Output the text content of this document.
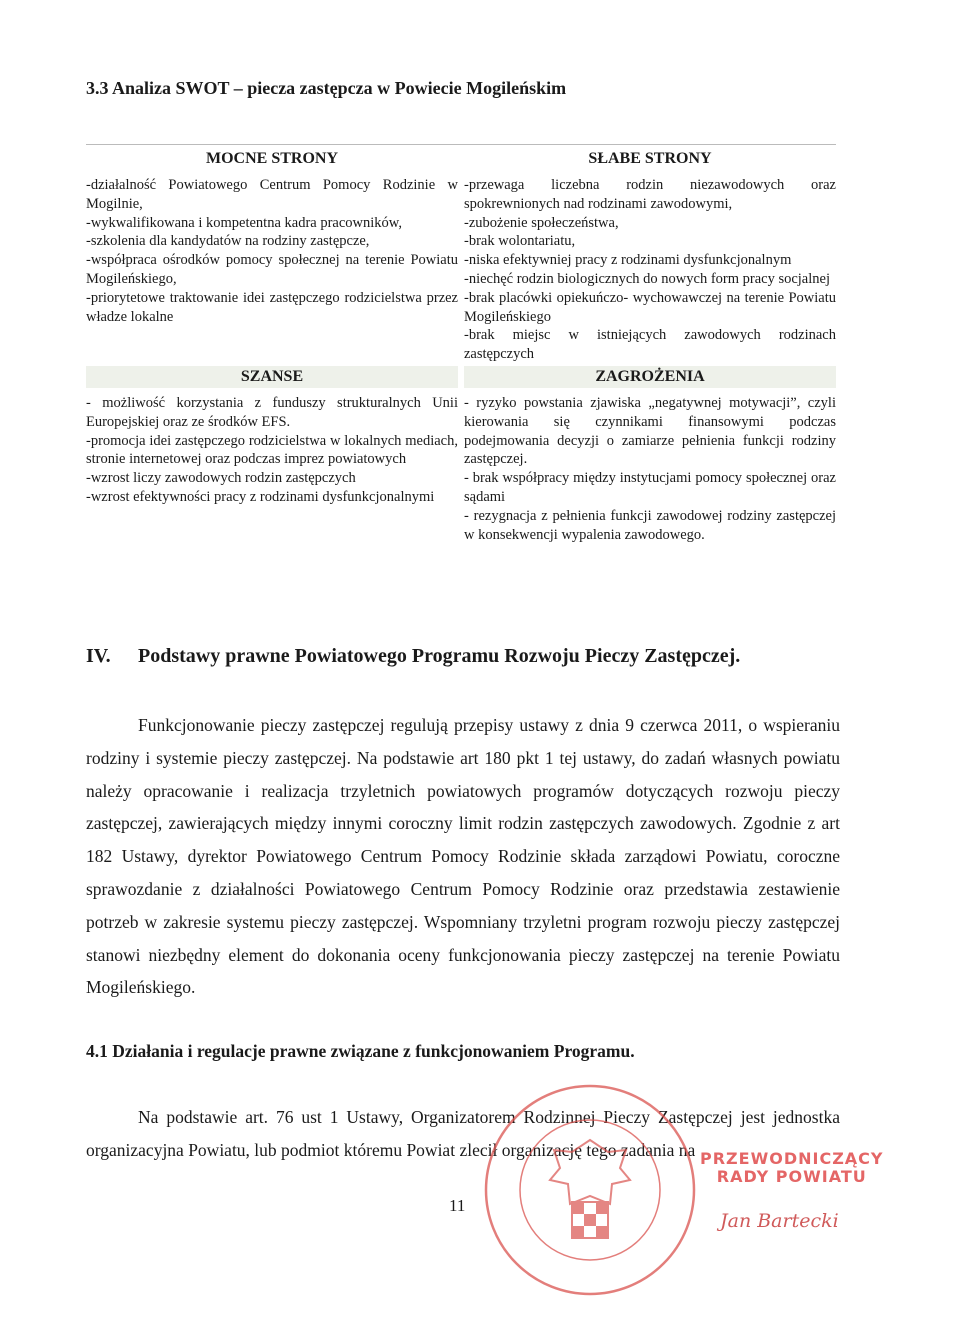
3.3 Analiza SWOT – piecza zastępcza w Powiecie Mogileńskim
MOCNE STRONY
-działalność Powiatowego Centrum Pomocy Rodzinie w Mogilnie,
-wykwalifikowana i kompetentna kadra pracowników,
-szkolenia dla kandydatów na rodziny zastępcze,
-współpraca ośrodków pomocy społecznej na terenie Powiatu Mogileńskiego,
-priorytetowe traktowanie idei zastępczego rodzicielstwa przez władze lokalne
SŁABE STRONY
-przewaga liczebna rodzin niezawodowych oraz spokrewnionych nad rodzinami zawodowymi,
-zubożenie społeczeństwa,
-brak wolontariatu,
-niska efektywniej pracy z rodzinami dysfunkcjonalnym
-niechęć rodzin biologicznych do nowych form pracy socjalnej
-brak placówki opiekuńczo- wychowawczej na terenie Powiatu Mogileńskiego
-brak miejsc w istniejących zawodowych rodzinach zastępczych
SZANSE
- możliwość korzystania z funduszy strukturalnych Unii Europejskiej oraz ze środków EFS.
-promocja idei zastępczego rodzicielstwa w lokalnych mediach, stronie internetowej oraz podczas imprez powiatowych
-wzrost liczy zawodowych rodzin zastępczych
-wzrost efektywności pracy z rodzinami dysfunkcjonalnymi
ZAGROŻENIA
- ryzyko powstania zjawiska „negatywnej motywacji”, czyli kierowania się czynnikami finansowymi podczas podejmowania decyzji o zamiarze pełnienia funkcji rodziny zastępczej.
- brak współpracy między instytucjami pomocy społecznej oraz sądami
- rezygnacja z pełnienia funkcji zawodowej rodziny zastępczej w konsekwencji wypalenia zawodowego.
IV. Podstawy prawne Powiatowego Programu Rozwoju Pieczy Zastępczej.
Funkcjonowanie pieczy zastępczej regulują przepisy ustawy z dnia 9 czerwca 2011, o wspieraniu rodziny i systemie pieczy zastępczej. Na podstawie art 180 pkt 1 tej ustawy, do zadań własnych powiatu należy opracowanie i realizacja trzyletnich powiatowych programów dotyczących rozwoju pieczy zastępczej, zawierających między innymi coroczny limit rodzin zastępczych zawodowych. Zgodnie z art 182 Ustawy, dyrektor Powiatowego Centrum Pomocy Rodzinie składa zarządowi Powiatu, coroczne sprawozdanie z działalności Powiatowego Centrum Pomocy Rodzinie oraz przedstawia zestawienie potrzeb w zakresie systemu pieczy zastępczej. Wspomniany trzyletni program rozwoju pieczy zastępczej stanowi niezbędny element do dokonania oceny funkcjonowania pieczy zastępczej na terenie Powiatu Mogileńskiego.
4.1 Działania i regulacje prawne związane z funkcjonowaniem Programu.
Na podstawie art. 76 ust 1 Ustawy, Organizatorem Rodzinnej Pieczy Zastępczej jest jednostka organizacyjna Powiatu, lub podmiot któremu Powiat zlecił organizację tego zadania na
11
PRZEWODNICZĄCY
RADY POWIATU
Jan Bartecki
